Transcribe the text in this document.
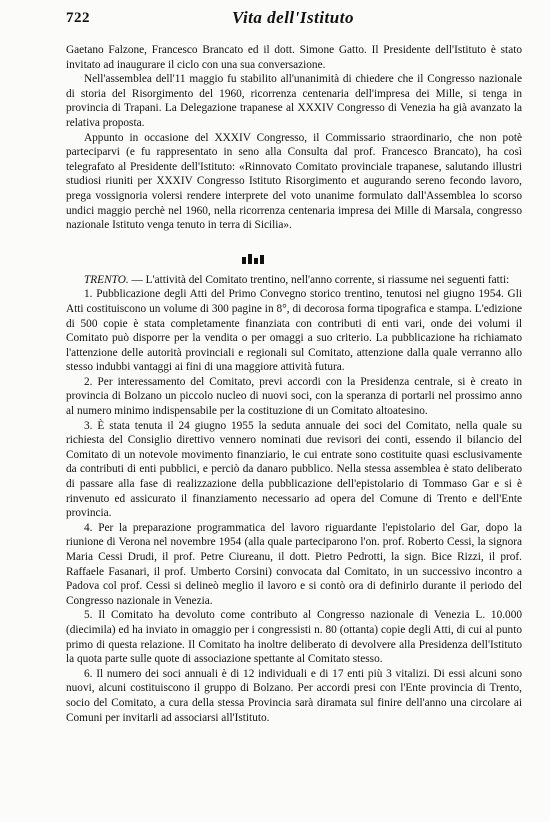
722	Vita dell'Istituto

Gaetano Falzone, Francesco Brancato ed il dott. Simone Gatto. Il Presidente dell'Istituto è stato invitato ad inaugurare il ciclo con una sua conversazione.

Nell'assemblea dell'11 maggio fu stabilito all'unanimità di chiedere che il Congresso nazionale di storia del Risorgimento del 1960, ricorrenza centenaria dell'impresa dei Mille, si tenga in provincia di Trapani. La Delegazione trapanese al XXXIV Congresso di Venezia ha già avanzato la relativa proposta.

Appunto in occasione del XXXIV Congresso, il Commissario straordinario, che non potè parteciparvi (e fu rappresentato in seno alla Consulta dal prof. Francesco Brancato), ha così telegrafato al Presidente dell'Istituto: «Rinnovato Comitato provinciale trapanese, salutando illustri studiosi riuniti per XXXIV Congresso Istituto Risorgimento et augurando sereno fecondo lavoro, prega vossignoria volersi rendere interprete del voto unanime formulato dall'Assemblea lo scorso undici maggio perchè nel 1960, nella ricorrenza centenaria impresa dei Mille di Marsala, congresso nazionale Istituto venga tenuto in terra di Sicilia».

TRENTO. — L'attività del Comitato trentino, nell'anno corrente, si riassume nei seguenti fatti:

1. Pubblicazione degli Atti del Primo Convegno storico trentino, tenutosi nel giugno 1954. Gli Atti costituiscono un volume di 300 pagine in 8°, di decorosa forma tipografica e stampa. L'edizione di 500 copie è stata completamente finanziata con contributi di enti vari, onde dei volumi il Comitato può disporre per la vendita o per omaggi a suo criterio. La pubblicazione ha richiamato l'attenzione delle autorità provinciali e regionali sul Comitato, attenzione dalla quale verranno allo stesso indubbi vantaggi ai fini di una maggiore attività futura.

2. Per interessamento del Comitato, previ accordi con la Presidenza centrale, si è creato in provincia di Bolzano un piccolo nucleo di nuovi soci, con la speranza di portarli nel prossimo anno al numero minimo indispensabile per la costituzione di un Comitato altoatesino.

3. È stata tenuta il 24 giugno 1955 la seduta annuale dei soci del Comitato, nella quale su richiesta del Consiglio direttivo vennero nominati due revisori dei conti, essendo il bilancio del Comitato di un notevole movimento finanziario, le cui entrate sono costituite quasi esclusivamente da contributi di enti pubblici, e perciò da danaro pubblico. Nella stessa assemblea è stato deliberato di passare alla fase di realizzazione della pubblicazione dell'epistolario di Tommaso Gar e si è rinvenuto ed assicurato il finanziamento necessario ad opera del Comune di Trento e dell'Ente provincia.

4. Per la preparazione programmatica del lavoro riguardante l'epistolario del Gar, dopo la riunione di Verona nel novembre 1954 (alla quale parteciparono l'on. prof. Roberto Cessi, la signora Maria Cessi Drudi, il prof. Petre Ciureanu, il dott. Pietro Pedrotti, la sign. Bice Rizzi, il prof. Raffaele Fasanari, il prof. Umberto Corsini) convocata dal Comitato, in un successivo incontro a Padova col prof. Cessi si delineò meglio il lavoro e si contò ora di definirlo durante il periodo del Congresso nazionale in Venezia.

5. Il Comitato ha devoluto come contributo al Congresso nazionale di Venezia L. 10.000 (diecimila) ed ha inviato in omaggio per i congressisti n. 80 (ottanta) copie degli Atti, di cui al punto primo di questa relazione. Il Comitato ha inoltre deliberato di devolvere alla Presidenza dell'Istituto la quota parte sulle quote di associazione spettante al Comitato stesso.

6. Il numero dei soci annuali è di 12 individuali e di 17 enti più 3 vitalizi. Di essi alcuni sono nuovi, alcuni costituiscono il gruppo di Bolzano. Per accordi presi con l'Ente provincia di Trento, socio del Comitato, a cura della stessa Provincia sarà diramata sul finire dell'anno una circolare ai Comuni per invitarli ad associarsi all'Istituto.
